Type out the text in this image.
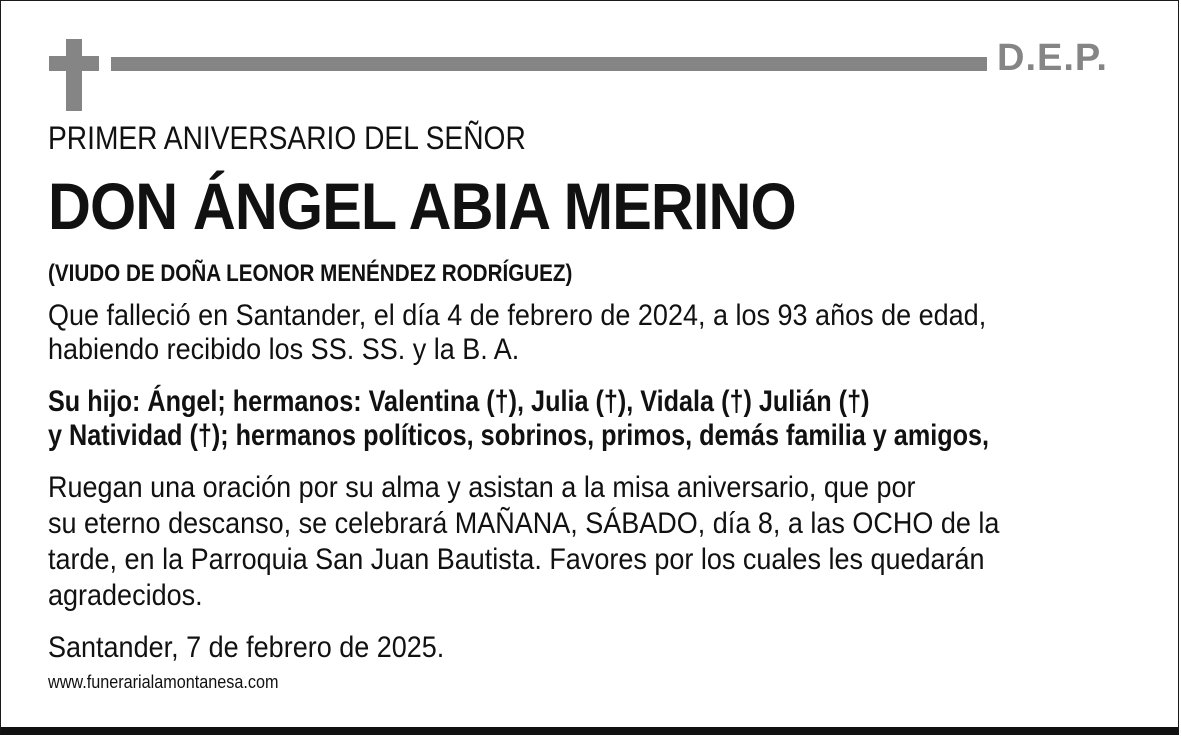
D.E.P.
PRIMER ANIVERSARIO DEL SEÑOR
DON ÁNGEL ABIA MERINO
(VIUDO DE DOÑA LEONOR MENÉNDEZ RODRÍGUEZ)
Que falleció en Santander, el día 4 de febrero de 2024, a los 93 años de edad,
habiendo recibido los SS. SS. y la B. A.
Su hijo: Ángel; hermanos: Valentina (†), Julia (†), Vidala (†) Julián (†)
y Natividad (†); hermanos políticos, sobrinos, primos, demás familia y amigos,
Ruegan una oración por su alma y asistan a la misa aniversario, que por
su eterno descanso, se celebrará MAÑANA, SÁBADO, día 8, a las OCHO de la
tarde, en la Parroquia San Juan Bautista. Favores por los cuales les quedarán
agradecidos.
Santander, 7 de febrero de 2025.
www.funerarialamontanesa.com
